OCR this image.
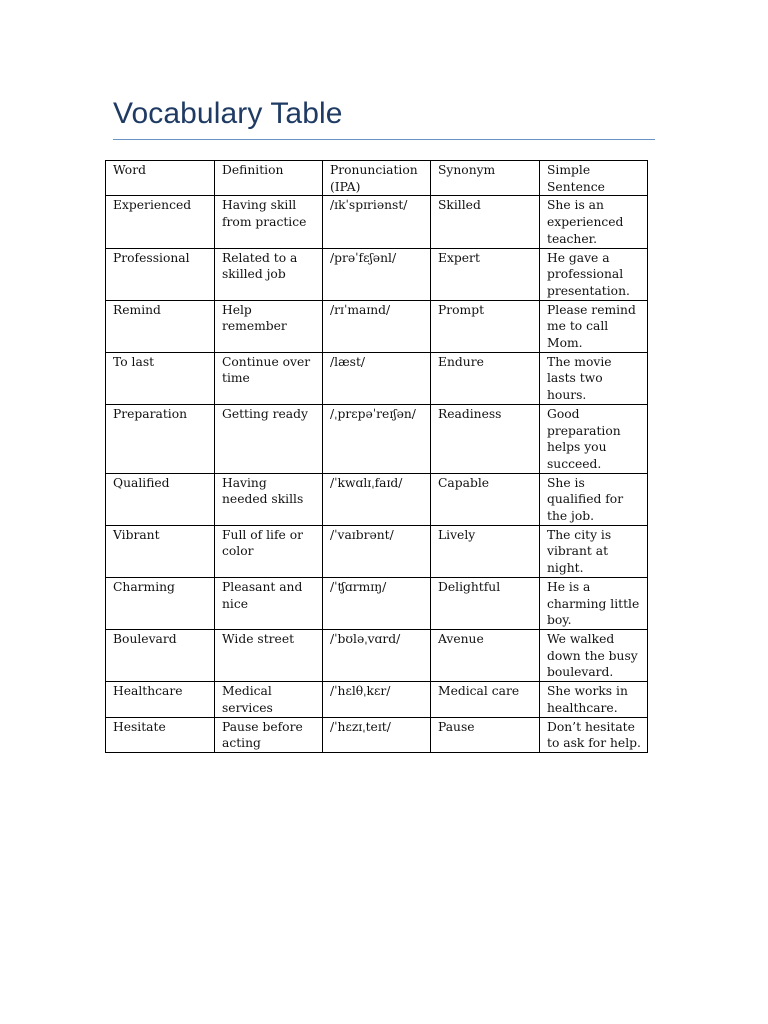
Vocabulary Table
Word	Definition	Pronunciation (IPA)	Synonym	Simple Sentence
Experienced	Having skill from practice	/ɪkˈspɪriənst/	Skilled	She is an experienced teacher.
Professional	Related to a skilled job	/prəˈfɛʃənl/	Expert	He gave a professional presentation.
Remind	Help remember	/rɪˈmaɪnd/	Prompt	Please remind me to call Mom.
To last	Continue over time	/læst/	Endure	The movie lasts two hours.
Preparation	Getting ready	/ˌprɛpəˈreɪʃən/	Readiness	Good preparation helps you succeed.
Qualified	Having needed skills	/ˈkwɑlɪˌfaɪd/	Capable	She is qualified for the job.
Vibrant	Full of life or color	/ˈvaɪbrənt/	Lively	The city is vibrant at night.
Charming	Pleasant and nice	/ˈʧɑrmɪŋ/	Delightful	He is a charming little boy.
Boulevard	Wide street	/ˈbʊləˌvɑrd/	Avenue	We walked down the busy boulevard.
Healthcare	Medical services	/ˈhɛlθˌkɛr/	Medical care	She works in healthcare.
Hesitate	Pause before acting	/ˈhɛzɪˌteɪt/	Pause	Don’t hesitate to ask for help.
